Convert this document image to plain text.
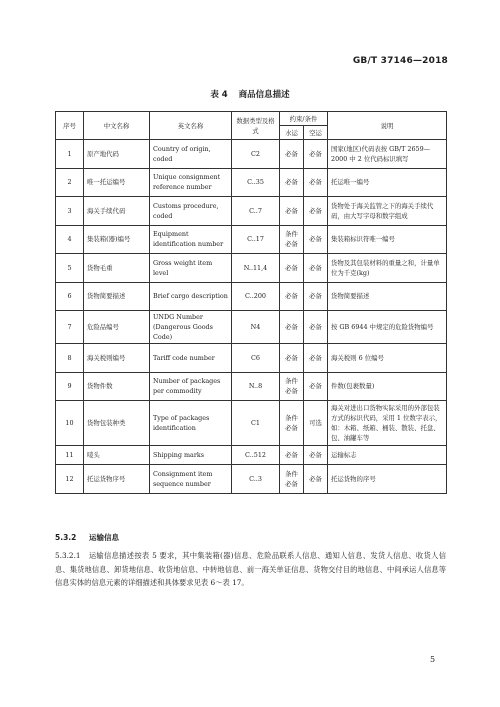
GB/T 37146—2018
表 4 商品信息描述
序号	中文名称	英文名称	数据类型及格式	约束/条件		说明
				水运	空运	
1	原产地代码	Country of origin, coded	C2	必备	必备	国家(地区)代码表按 GB/T 2659—2000 中 2 位代码标识填写
2	唯一托运编号	Unique consignment reference number	C..35	必备	必备	托运唯一编号
3	海关手续代码	Customs procedure, coded	C..7	必备	必备	货物处于海关监管之下的海关手续代码，由大写字母和数字组成
4	集装箱(器)编号	Equipment identification number	C..17	条件必备	必备	集装箱标识符唯一编号
5	货物毛重	Gross weight item level	N..11,4	必备	必备	货物及其包装材料的重量之和，计量单位为千克(kg)
6	货物简要描述	Brief cargo description	C..200	必备	必备	货物简要描述
7	危险品编号	UNDG Number (Dangerous Goods Code)	N4	必备	必备	按 GB 6944 中规定的危险货物编号
8	海关税则编号	Tariff code number	C6	必备	必备	海关税则 6 位编号
9	货物件数	Number of packages per commodity	N..8	条件必备	必备	件数(包裹数量)
10	货物包装种类	Type of packages identification	C1	条件必备	可选	海关对进出口货物实际采用的外部包装方式的标识代码，采用 1 位数字表示，如：木箱、纸箱、桶装、散装、托盘、包、油罐车等
11	唛头	Shipping marks	C..512	必备	必备	运输标志
12	托运货物序号	Consignment item sequence number	C..3	条件必备	必备	托运货物的序号
5.3.2 运输信息
5.3.2.1 运输信息描述按表 5 要求，其中集装箱(器)信息、危险品联系人信息、通知人信息、发货人信息、收货人信息、集货地信息、卸货地信息、收货地信息、中转地信息、前一海关单证信息、货物交付目的地信息、中间承运人信息等信息实体的信息元素的详细描述和具体要求见表 6～表 17。
5
